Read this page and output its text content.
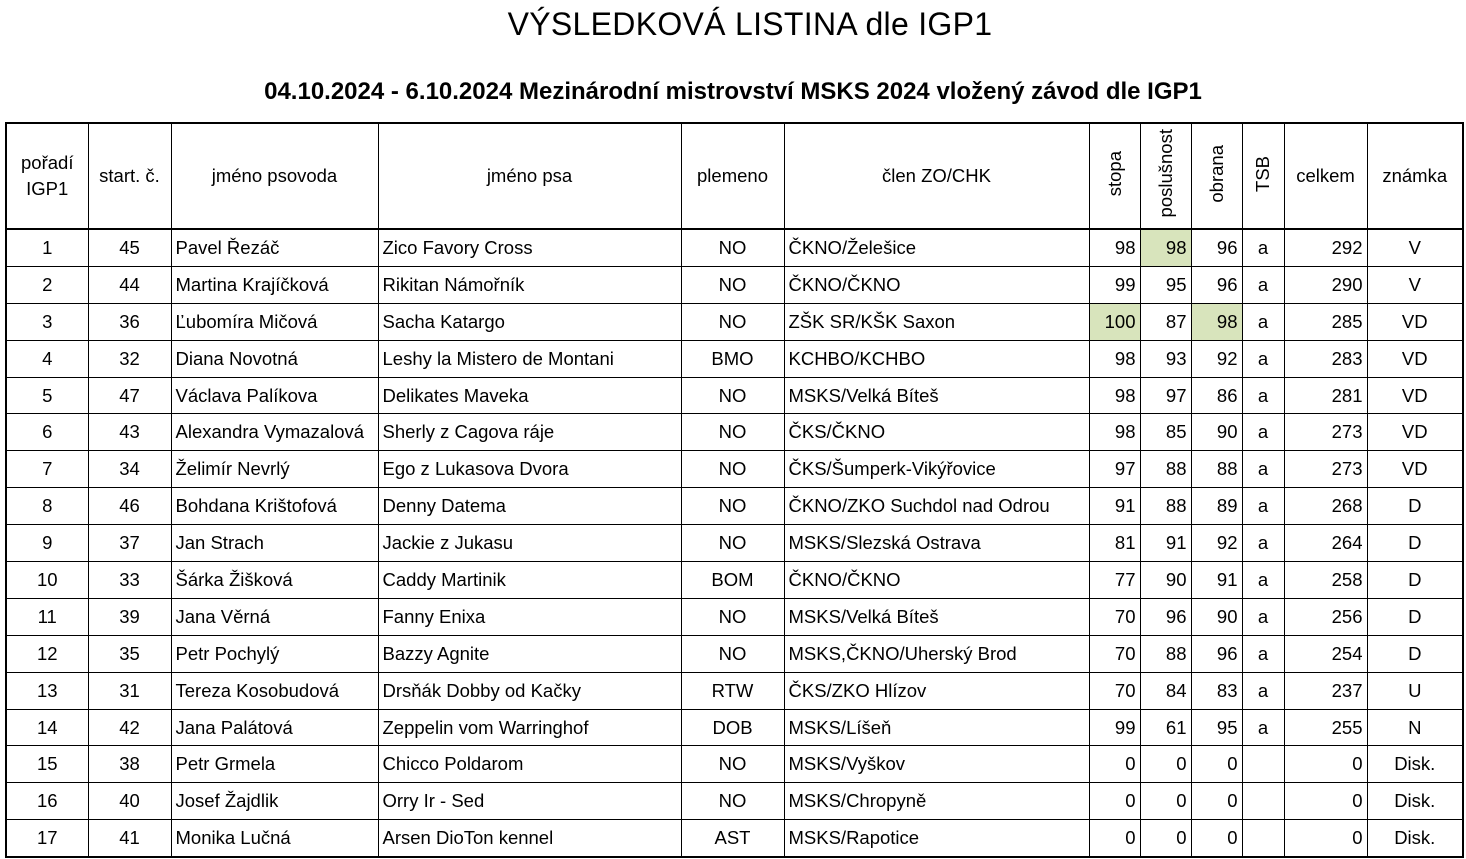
VÝSLEDKOVÁ LISTINA dle IGP1
04.10.2024 - 6.10.2024 Mezinárodní mistrovství MSKS 2024 vložený závod dle IGP1
pořadí IGP1	start. č.	jméno psovoda	jméno psa	plemeno	člen ZO/CHK	stopa	poslušnost	obrana	TSB	celkem	známka
1	45	Pavel Řezáč	Zico Favory Cross	NO	ČKNO/Želešice	98	98	96	a	292	V
2	44	Martina Krajíčková	Rikitan Námořník	NO	ČKNO/ČKNO	99	95	96	a	290	V
3	36	Ľubomíra Mičová	Sacha Katargo	NO	ZŠK SR/KŠK Saxon	100	87	98	a	285	VD
4	32	Diana Novotná	Leshy la Mistero de Montani	BMO	KCHBO/KCHBO	98	93	92	a	283	VD
5	47	Václava Palíkova	Delikates Maveka	NO	MSKS/Velká Bíteš	98	97	86	a	281	VD
6	43	Alexandra Vymazalová	Sherly z Cagova ráje	NO	ČKS/ČKNO	98	85	90	a	273	VD
7	34	Želimír Nevrlý	Ego z Lukasova Dvora	NO	ČKS/Šumperk-Vikýřovice	97	88	88	a	273	VD
8	46	Bohdana Krištofová	Denny Datema	NO	ČKNO/ZKO Suchdol nad Odrou	91	88	89	a	268	D
9	37	Jan Strach	Jackie z Jukasu	NO	MSKS/Slezská Ostrava	81	91	92	a	264	D
10	33	Šárka Žišková	Caddy Martinik	BOM	ČKNO/ČKNO	77	90	91	a	258	D
11	39	Jana Věrná	Fanny Enixa	NO	MSKS/Velká Bíteš	70	96	90	a	256	D
12	35	Petr Pochylý	Bazzy Agnite	NO	MSKS,ČKNO/Uherský Brod	70	88	96	a	254	D
13	31	Tereza Kosobudová	Drsňák Dobby od Kačky	RTW	ČKS/ZKO Hlízov	70	84	83	a	237	U
14	42	Jana Palátová	Zeppelin vom Warringhof	DOB	MSKS/Líšeň	99	61	95	a	255	N
15	38	Petr Grmela	Chicco Poldarom	NO	MSKS/Vyškov	0	0	0		0	Disk.
16	40	Josef Žajdlik	Orry Ir - Sed	NO	MSKS/Chropyně	0	0	0		0	Disk.
17	41	Monika Lučná	Arsen DioTon kennel	AST	MSKS/Rapotice	0	0	0		0	Disk.
